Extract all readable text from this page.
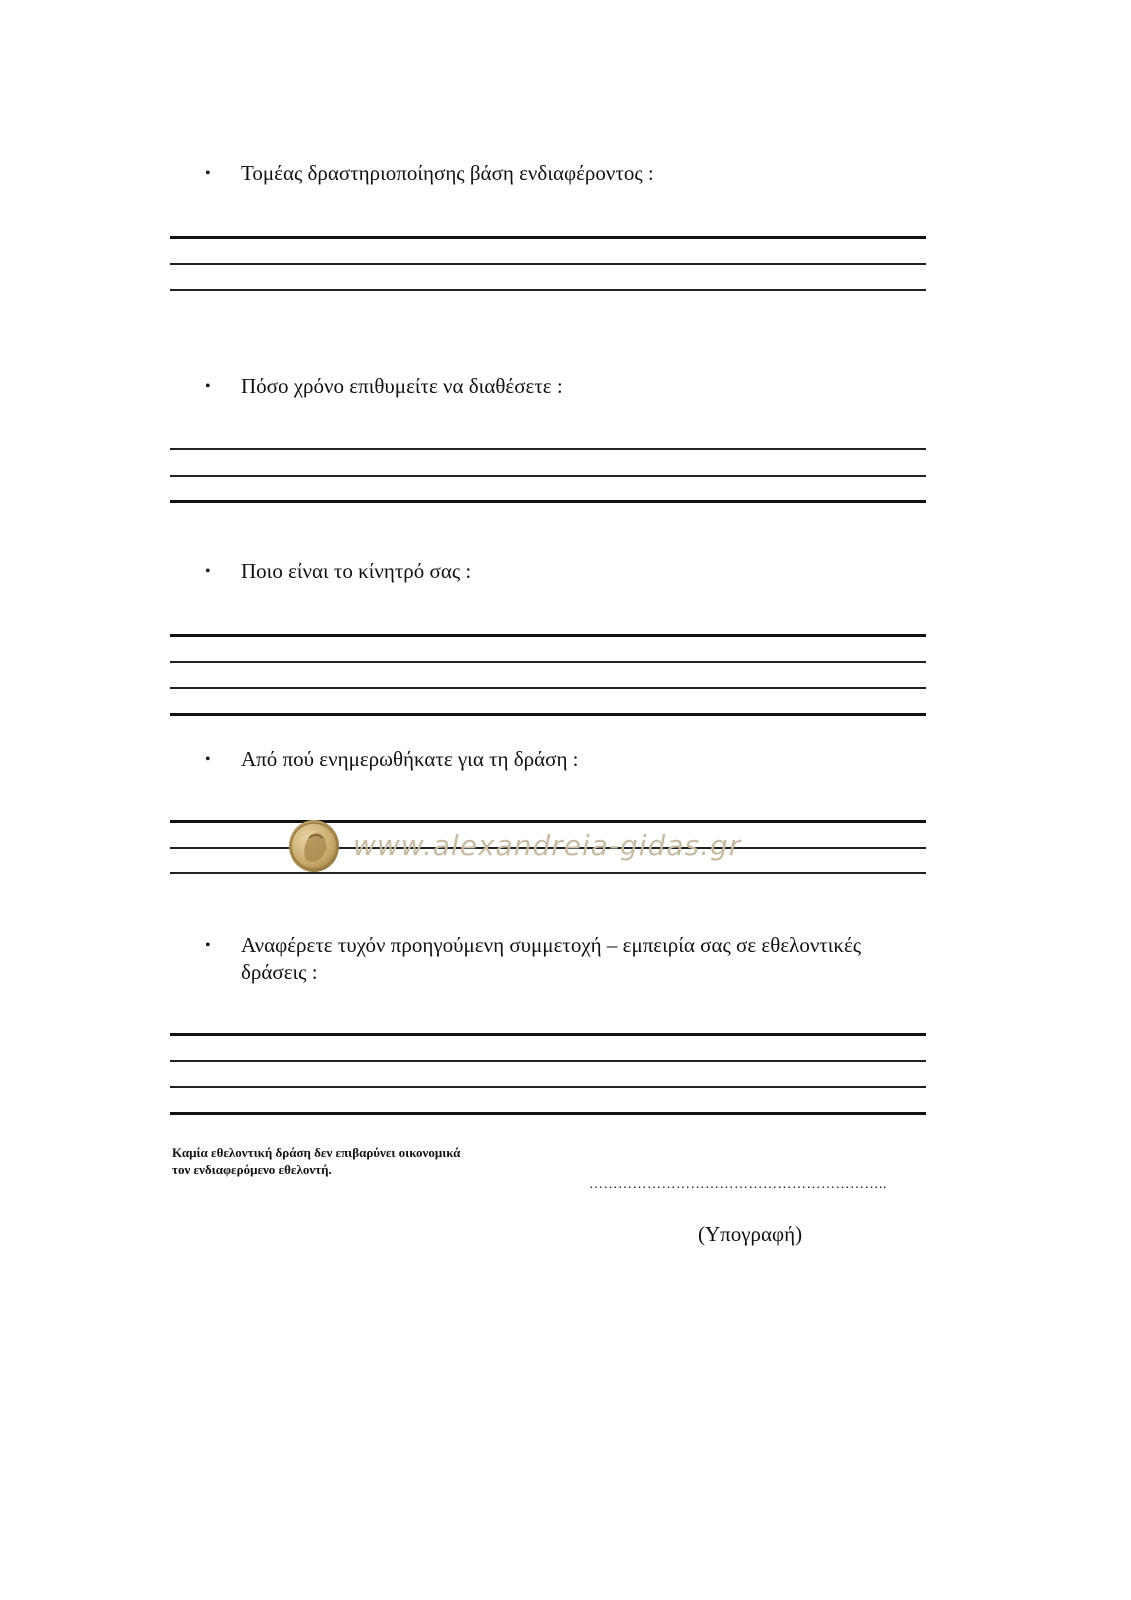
• Τομέας δραστηριοποίησης βάση ενδιαφέροντος :
• Πόσο χρόνο επιθυμείτε να διαθέσετε :
• Ποιο είναι το κίνητρό σας :
• Από πού ενημερωθήκατε για τη δράση :
www.alexandreia-gidas.gr
• Αναφέρετε τυχόν προηγούμενη συμμετοχή – εμπειρία σας σε εθελοντικές δράσεις :
Καμία εθελοντική δράση δεν επιβαρύνει οικονομικά τον ενδιαφερόμενο εθελοντή.
……………………………………………………..
(Υπογραφή)
